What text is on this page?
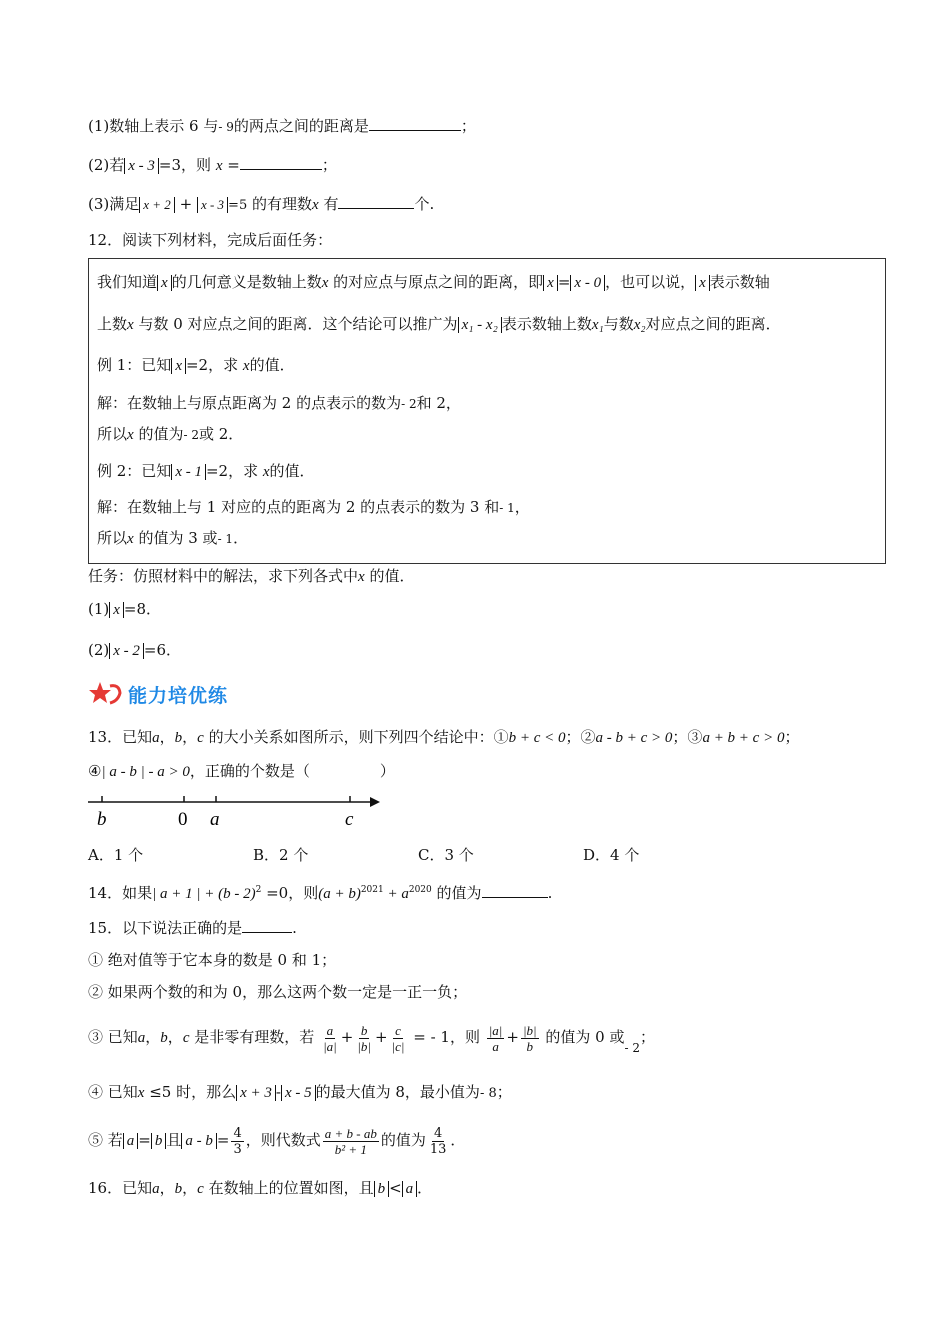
(1)数轴上表示 6 与- 9的两点之间的距离是	；
(2)若 x - 3 =3，则 x =	；
(3)满足 x + 2 + x - 3 =5 的有理数x 有	个.
12．阅读下列材料，完成后面任务：
我们知道 x 的几何意义是数轴上数x 的对应点与原点之间的距离，即 x = x - 0 ，也可以说， x 表示数轴
上数x 与数 0 对应点之间的距离．这个结论可以推广为 x₁ - x₂ 表示数轴上数x₁与数x₂对应点之间的距离．
例 1：已知 x =2，求 x的值．
解：在数轴上与原点距离为 2 的点表示的数为- 2和 2，
所以x 的值为- 2或 2．
例 2：已知 x - 1 =2，求 x的值．
解：在数轴上与 1 对应的点的距离为 2 的点表示的数为 3 和- 1，
所以x 的值为 3 或- 1．
任务：仿照材料中的解法，求下列各式中x 的值．
(1) x =8．
(2) x - 2 =6．
能力培优练
13．已知a，b，c 的大小关系如图所示，则下列四个结论中：①b + c < 0；②a - b + c > 0；③a + b + c > 0；
④| a - b | - a > 0，正确的个数是（	）
b	0 a	c
A．1 个	B．2 个	C．3 个	D．4 个
14．如果| a + 1 | + (b - 2)$^2$ =0，则$(a + b)^{2021} + a^{2020}$ 的值为	.
15．以下说法正确的是	.
① 绝对值等于它本身的数是 0 和 1；
② 如果两个数的和为 0，那么这两个数一定是一正一负；
③ 已知a，b，c 是非零有理数，若 $\frac{a}{|a|} + \frac{b}{|b|} + \frac{c}{|c|}$ = - 1，则 $\frac{|a|}{a} + \frac{|b|}{b}$ 的值为 0 或$_{- 2}$；
④ 已知x ≤5 时，那么 x + 3 - x - 5 的最大值为 8，最小值为- 8；
⑤ 若 a = b 且 $a - b = \frac{4}{3}$ ，则代数式 $\frac{a + b - ab}{\text{b² + 1}}$ 的值为 $\frac{4}{13}$ ．
16．已知a，b，c 在数轴上的位置如图，且 b < a ．
